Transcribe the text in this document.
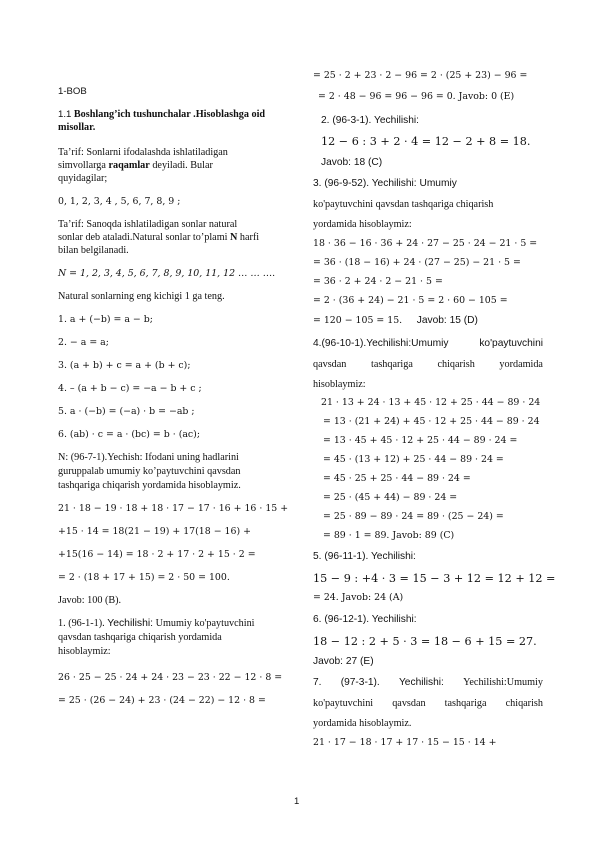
1-BOB
1.1 Boshlang’ich tushunchalar .Hisoblashga oid
misollar.
Ta’rif: Sonlarni ifodalashda ishlatiladigan
simvollarga raqamlar deyiladi. Bular
quyidagilar;
0, 1, 2, 3, 4 , 5, 6, 7, 8, 9 ;
Ta’rif: Sanoqda ishlatiladigan sonlar natural
sonlar deb ataladi.Natural sonlar to’plami N harfi
bilan belgilanadi.
N = 1, 2, 3, 4, 5, 6, 7, 8, 9, 10, 11, 12 … … ….
Natural sonlarning eng kichigi 1 ga teng.
1. a + (−b) = a − b;
2. − a = a;
3. (a + b) + c = a + (b + c);
4. – (a + b − c) = −a − b + c ;
5. a · (−b) = (−a) · b = −ab ;
6. (ab) · c = a · (bc) = b · (ac);
N: (96-7-1).Yechish: Ifodani uning hadlarini
guruppalab umumiy ko’paytuvchini qavsdan
tashqariga chiqarish yordamida hisoblaymiz.
21 · 18 − 19 · 18 + 18 · 17 − 17 · 16 + 16 · 15 +
+15 · 14 = 18(21 − 19) + 17(18 − 16) +
+15(16 − 14) = 18 · 2 + 17 · 2 + 15 · 2 =
= 2 · (18 + 17 + 15) = 2 · 50 = 100.
Javob: 100 (B).
1. (96-1-1). Yechilishi: Umumiy ko'paytuvchini
qavsdan tashqariga chiqarish yordamida
hisoblaymiz:
26 · 25 − 25 · 24 + 24 · 23 − 23 · 22 − 12 · 8 =
= 25 · (26 − 24) + 23 · (24 − 22) − 12 · 8 =
= 25 · 2 + 23 · 2 − 96 = 2 · (25 + 23) − 96 =
= 2 · 48 − 96 = 96 − 96 = 0. Javob: 0 (E)
2. (96-3-1). Yechilishi:
12 − 6 : 3 + 2 · 4 = 12 − 2 + 8 = 18.
Javob: 18 (C)
3. (96-9-52). Yechilishi: Umumiy
ko'paytuvchini qavsdan tashqariga chiqarish
yordamida hisoblaymiz:
18 · 36 − 16 · 36 + 24 · 27 − 25 · 24 − 21 · 5 =
= 36 · (18 − 16) + 24 · (27 − 25) − 21 · 5 =
= 36 · 2 + 24 · 2 − 21 · 5 =
= 2 · (36 + 24) − 21 · 5 = 2 · 60 − 105 =
= 120 − 105 = 15. Javob: 15 (D)
4.(96-10-1).Yechilishi:Umumiy	ko'paytuvchini
qavsdan tashqariga chiqarish yordamida
hisoblaymiz:
21 · 13 + 24 · 13 + 45 · 12 + 25 · 44 − 89 · 24
= 13 · (21 + 24) + 45 · 12 + 25 · 44 − 89 · 24
= 13 · 45 + 45 · 12 + 25 · 44 − 89 · 24 =
= 45 · (13 + 12) + 25 · 44 − 89 · 24 =
= 45 · 25 + 25 · 44 − 89 · 24 =
= 25 · (45 + 44) − 89 · 24 =
= 25 · 89 − 89 · 24 = 89 · (25 − 24) =
= 89 · 1 = 89. Javob: 89 (C)
5. (96-11-1). Yechilishi:
15 − 9 : +4 · 3 = 15 − 3 + 12 = 12 + 12 =
= 24. Javob: 24 (A)
6. (96-12-1). Yechilishi:
18 − 12 : 2 + 5 · 3 = 18 − 6 + 15 = 27.
Javob: 27 (E)
7. (97-3-1). Yechilishi: Yechilishi:Umumiy
ko'paytuvchini qavsdan tashqariga chiqarish
yordamida hisoblaymiz.
21 · 17 − 18 · 17 + 17 · 15 − 15 · 14 +
1
